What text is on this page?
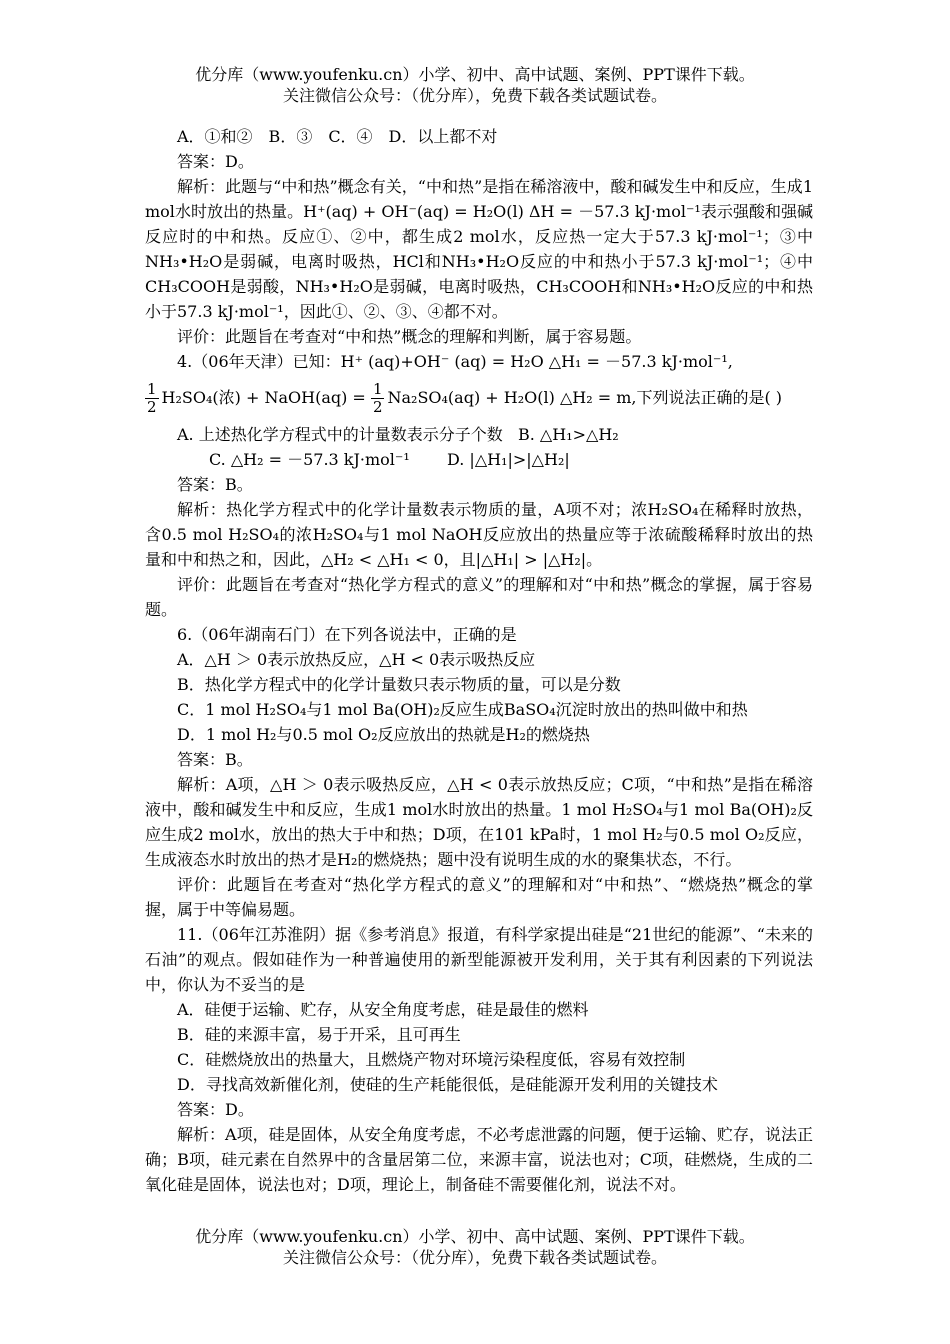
优分库（www.youfenku.cn）小学、初中、高中试题、案例、PPT课件下载。
关注微信公众号：（优分库），免费下载各类试题试卷。

A．①和②　B．③　C．④　D．以上都不对

答案：D。

解析：此题与“中和热”概念有关，“中和热”是指在稀溶液中，酸和碱发生中和反应，生成1 mol水时放出的热量。H⁺(aq) + OH⁻(aq) = H₂O(l) ΔH = －57.3 kJ·mol⁻¹表示强酸和强碱反应时的中和热。反应①、②中，都生成2 mol水，反应热一定大于57.3 kJ·mol⁻¹；③中NH₃•H₂O是弱碱，电离时吸热，HCl和NH₃•H₂O反应的中和热小于57.3 kJ·mol⁻¹；④中CH₃COOH是弱酸，NH₃•H₂O是弱碱，电离时吸热，CH₃COOH和NH₃•H₂O反应的中和热小于57.3 kJ·mol⁻¹，因此①、②、③、④都不对。

评价：此题旨在考查对“中和热”概念的理解和判断，属于容易题。

4.（06年天津）已知：H⁺ (aq)+OH⁻ (aq) = H₂O △H₁ = －57.3 kJ·mol⁻¹,

$\frac{1}{2} H_2SO_4$(浓) + NaOH(aq) = $\frac{1}{2} Na_2SO_4(aq) + H_2O(l)$ △H₂ = m,下列说法正确的是( )

A. 上述热化学方程式中的计量数表示分子个数 B. △H₁>△H₂

C. △H₂ = －57.3 kJ·mol⁻¹ D. |△H₁|>|△H₂|

答案：B。

解析：热化学方程式中的化学计量数表示物质的量，A项不对；浓H₂SO₄在稀释时放热，含0.5 mol H₂SO₄的浓H₂SO₄与1 mol NaOH反应放出的热量应等于浓硫酸稀释时放出的热量和中和热之和，因此，△H₂ < △H₁ < 0，且|△H₁| > |△H₂|。

评价：此题旨在考查对“热化学方程式的意义”的理解和对“中和热”概念的掌握，属于容易题。

6.（06年湖南石门）在下列各说法中，正确的是

A．△H ＞ 0表示放热反应，△H < 0表示吸热反应

B．热化学方程式中的化学计量数只表示物质的量，可以是分数

C．1 mol H₂SO₄与1 mol Ba(OH)₂反应生成BaSO₄沉淀时放出的热叫做中和热

D．1 mol H₂与0.5 mol O₂反应放出的热就是H₂的燃烧热

答案：B。

解析：A项，△H ＞ 0表示吸热反应，△H < 0表示放热反应；C项，“中和热”是指在稀溶液中，酸和碱发生中和反应，生成1 mol水时放出的热量。1 mol H₂SO₄与1 mol Ba(OH)₂反应生成2 mol水，放出的热大于中和热；D项，在101 kPa时，1 mol H₂与0.5 mol O₂反应，生成液态水时放出的热才是H₂的燃烧热；题中没有说明生成的水的聚集状态，不行。

评价：此题旨在考查对“热化学方程式的意义”的理解和对“中和热”、“燃烧热”概念的掌握，属于中等偏易题。

11.（06年江苏淮阴）据《参考消息》报道，有科学家提出硅是“21世纪的能源”、“未来的石油”的观点。假如硅作为一种普遍使用的新型能源被开发利用，关于其有利因素的下列说法中，你认为不妥当的是

A．硅便于运输、贮存，从安全角度考虑，硅是最佳的燃料

B．硅的来源丰富，易于开采，且可再生

C．硅燃烧放出的热量大，且燃烧产物对环境污染程度低，容易有效控制

D．寻找高效新催化剂，使硅的生产耗能很低，是硅能源开发利用的关键技术

答案：D。

解析：A项，硅是固体，从安全角度考虑，不必考虑泄露的问题，便于运输、贮存，说法正确；B项，硅元素在自然界中的含量居第二位，来源丰富，说法也对；C项，硅燃烧，生成的二氧化硅是固体，说法也对；D项，理论上，制备硅不需要催化剂，说法不对。

优分库（www.youfenku.cn）小学、初中、高中试题、案例、PPT课件下载。
关注微信公众号：（优分库），免费下载各类试题试卷。
